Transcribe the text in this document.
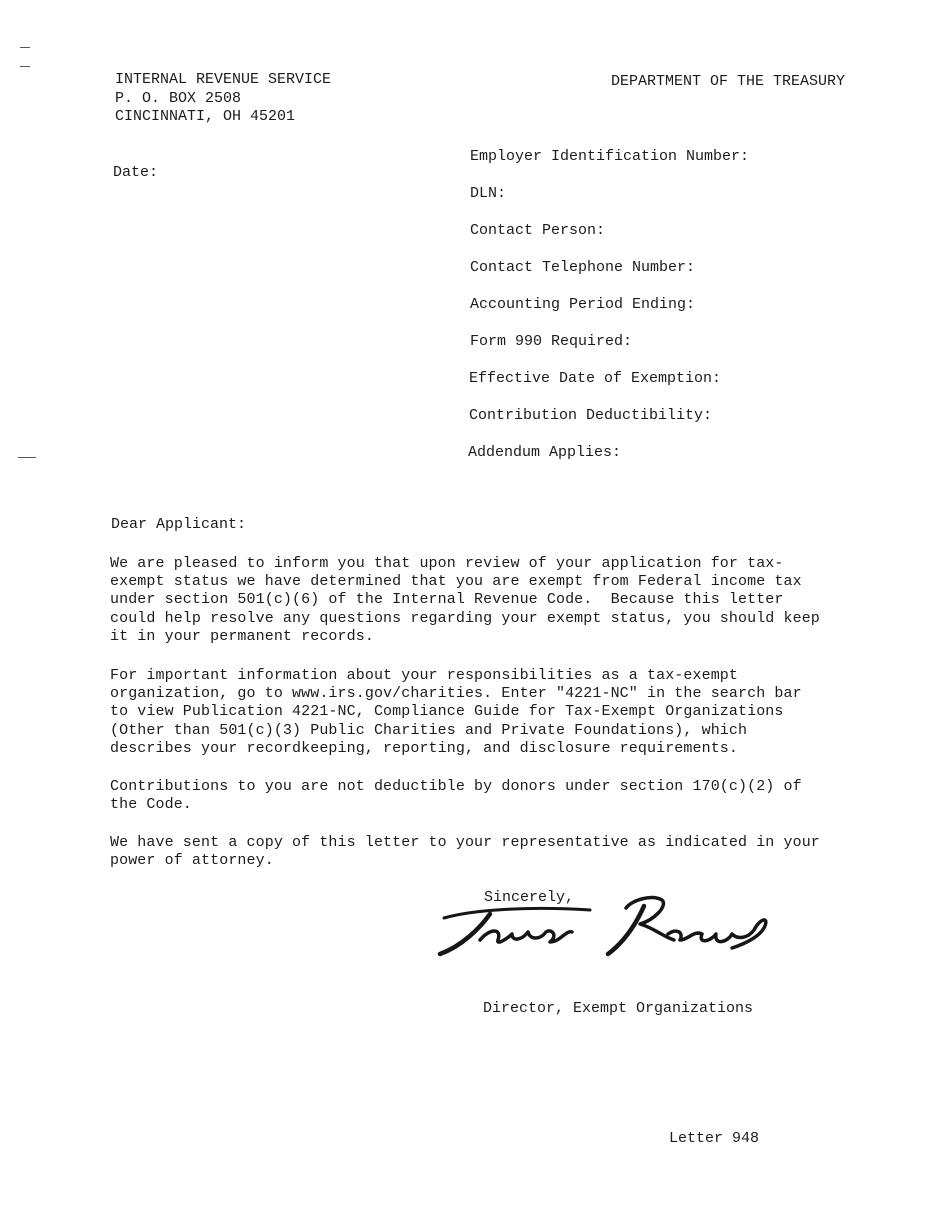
INTERNAL REVENUE SERVICE
P. O. BOX 2508
CINCINNATI, OH 45201
DEPARTMENT OF THE TREASURY
Date:
Employer Identification Number:
DLN:
Contact Person:
Contact Telephone Number:
Accounting Period Ending:
Form 990 Required:
Effective Date of Exemption:
Contribution Deductibility:
Addendum Applies:
Dear Applicant:
We are pleased to inform you that upon review of your application for tax-
exempt status we have determined that you are exempt from Federal income tax
under section 501(c)(6) of the Internal Revenue Code.  Because this letter
could help resolve any questions regarding your exempt status, you should keep
it in your permanent records.
For important information about your responsibilities as a tax-exempt
organization, go to www.irs.gov/charities. Enter "4221-NC" in the search bar
to view Publication 4221-NC, Compliance Guide for Tax-Exempt Organizations
(Other than 501(c)(3) Public Charities and Private Foundations), which
describes your recordkeeping, reporting, and disclosure requirements.
Contributions to you are not deductible by donors under section 170(c)(2) of
the Code.
We have sent a copy of this letter to your representative as indicated in your
power of attorney.
Sincerely,
Director, Exempt Organizations
Letter 948
